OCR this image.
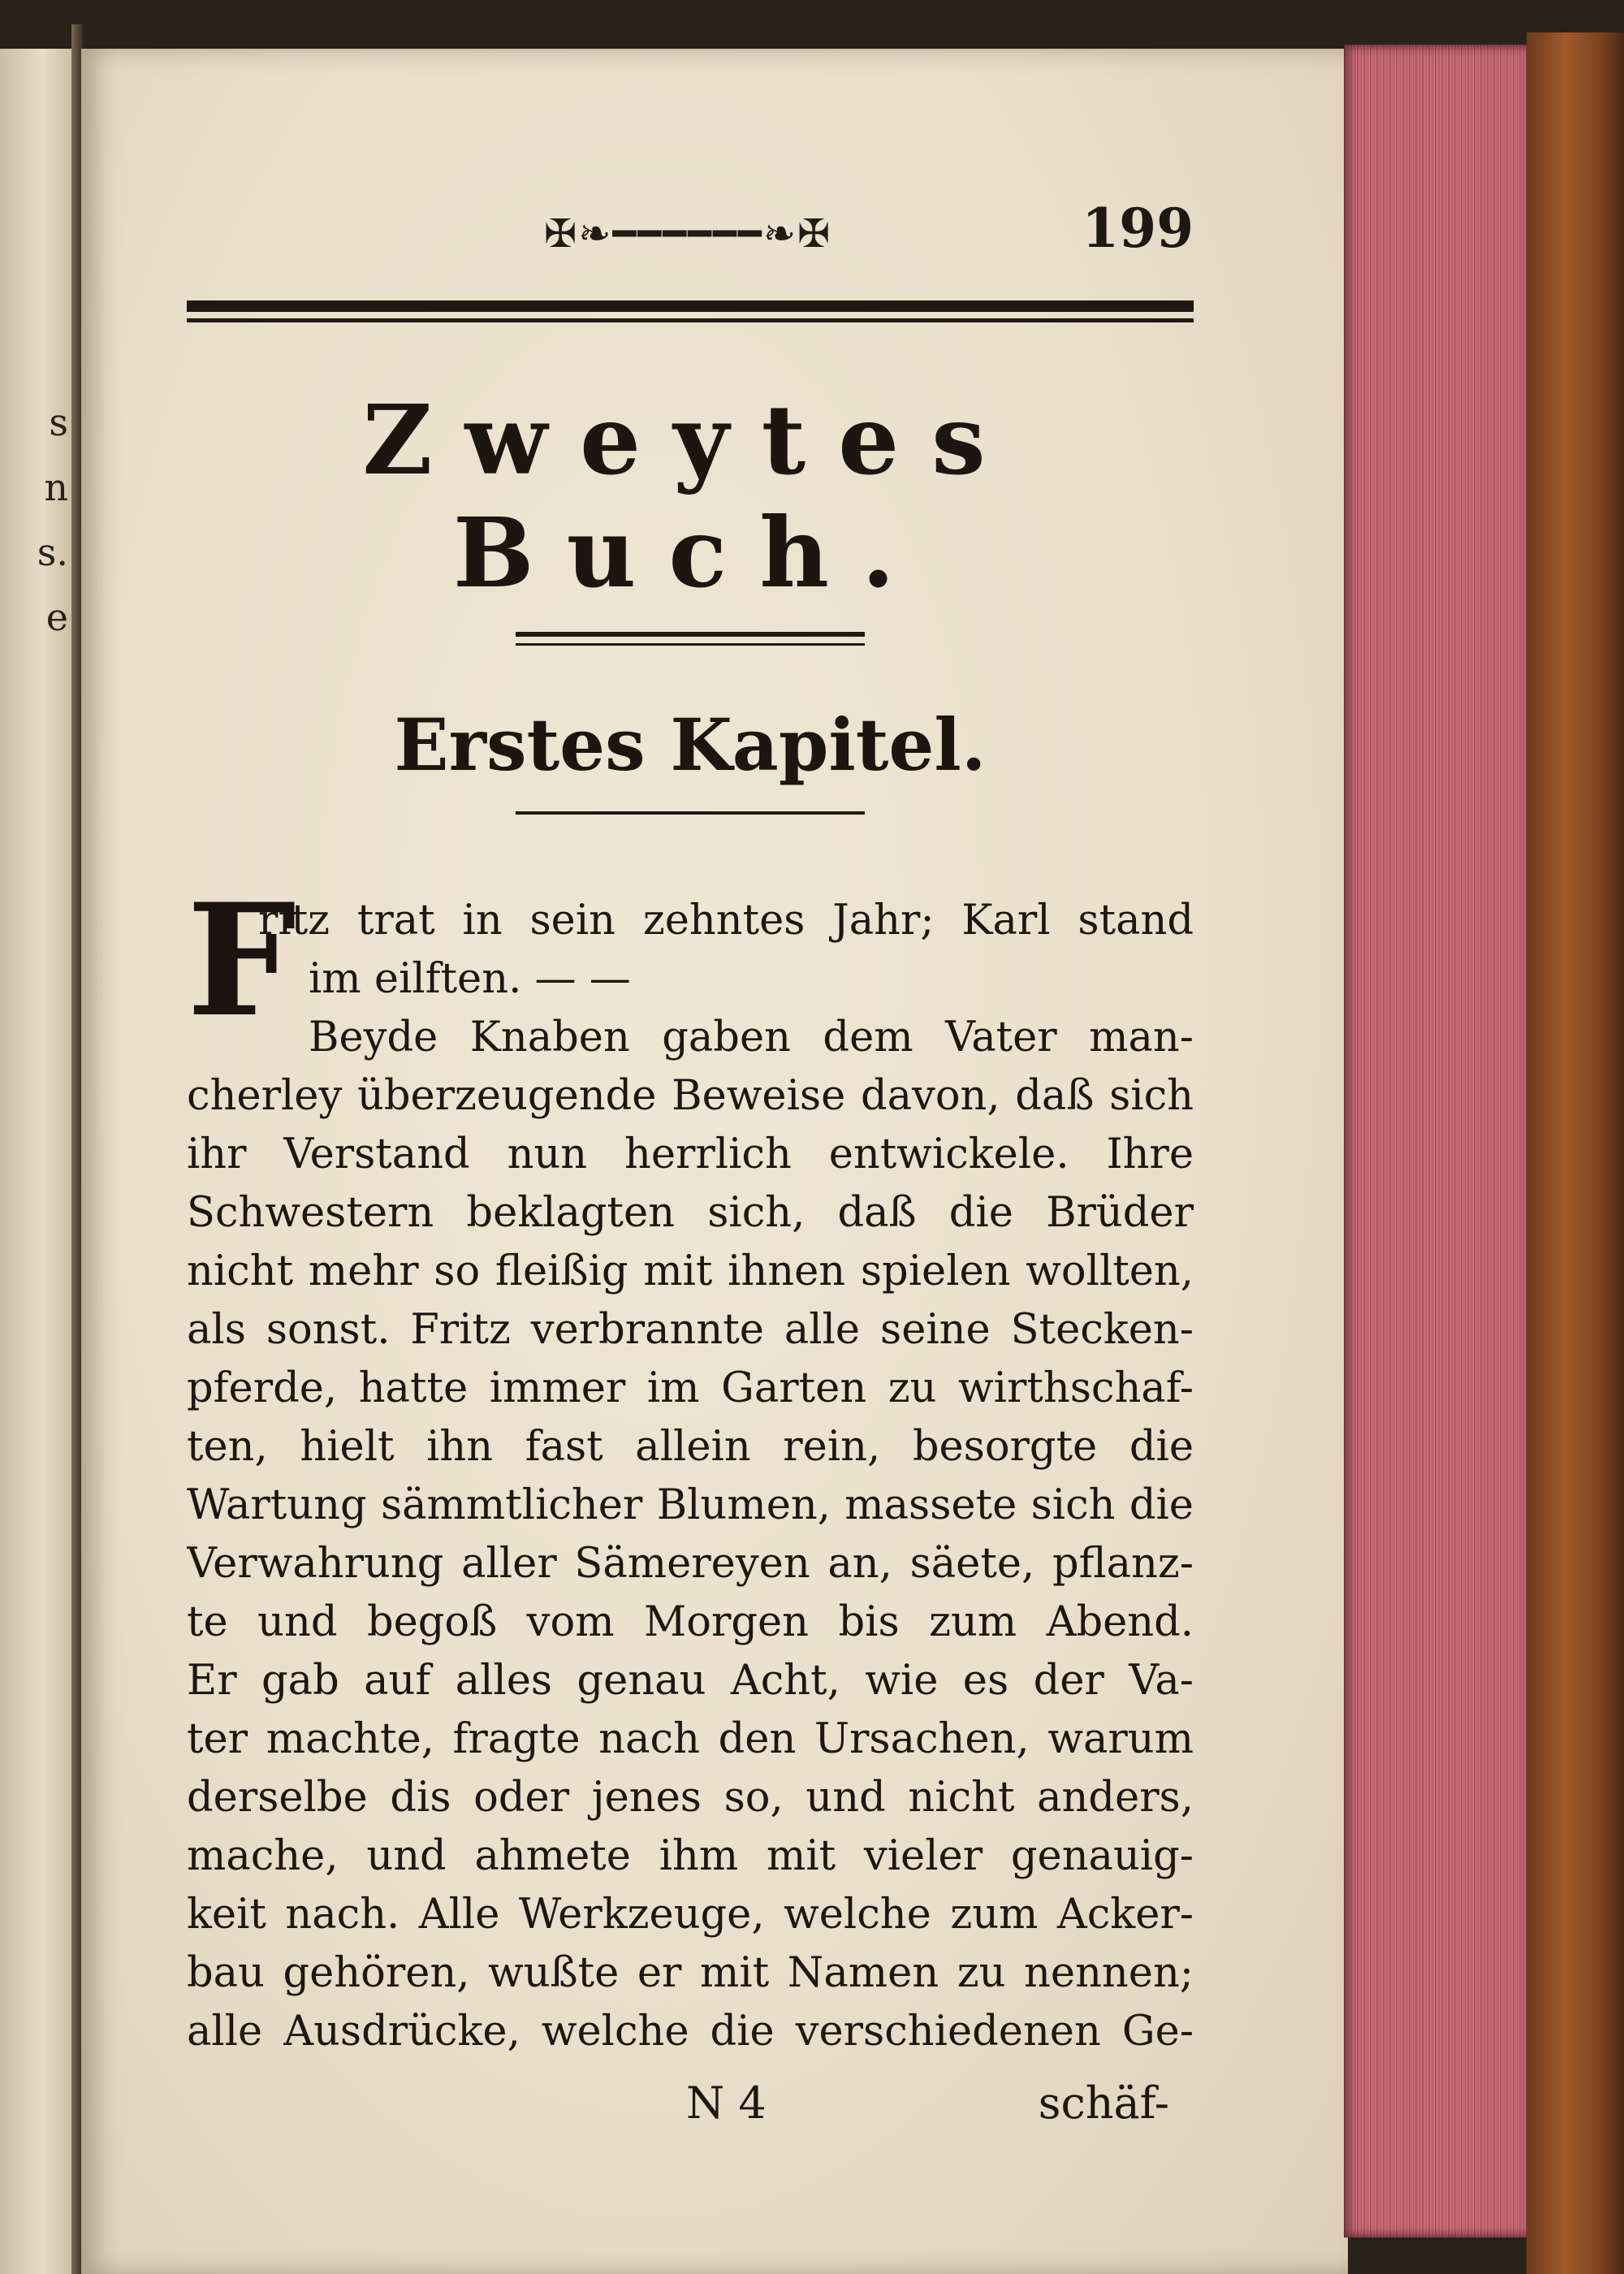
s
n
s.
e
✠❧━━━━━━❧✠	199
Zweytes Buch.
Erstes Kapitel.
F
ritz trat in sein zehntes Jahr; Karl stand
im eilften. — —
Beyde Knaben gaben dem Vater man-
cherley überzeugende Beweise davon, daß sich
ihr Verstand nun herrlich entwickele. Ihre
Schwestern beklagten sich, daß die Brüder
nicht mehr so fleißig mit ihnen spielen wollten,
als sonst. Fritz verbrannte alle seine Stecken-
pferde, hatte immer im Garten zu wirthschaf-
ten, hielt ihn fast allein rein, besorgte die
Wartung sämmtlicher Blumen, massete sich die
Verwahrung aller Sämereyen an, säete, pflanz-
te und begoß vom Morgen bis zum Abend.
Er gab auf alles genau Acht, wie es der Va-
ter machte, fragte nach den Ursachen, warum
derselbe dis oder jenes so, und nicht anders,
mache, und ahmete ihm mit vieler genauig-
keit nach. Alle Werkzeuge, welche zum Acker-
bau gehören, wußte er mit Namen zu nennen;
alle Ausdrücke, welche die verschiedenen Ge-
N 4	schäf-
